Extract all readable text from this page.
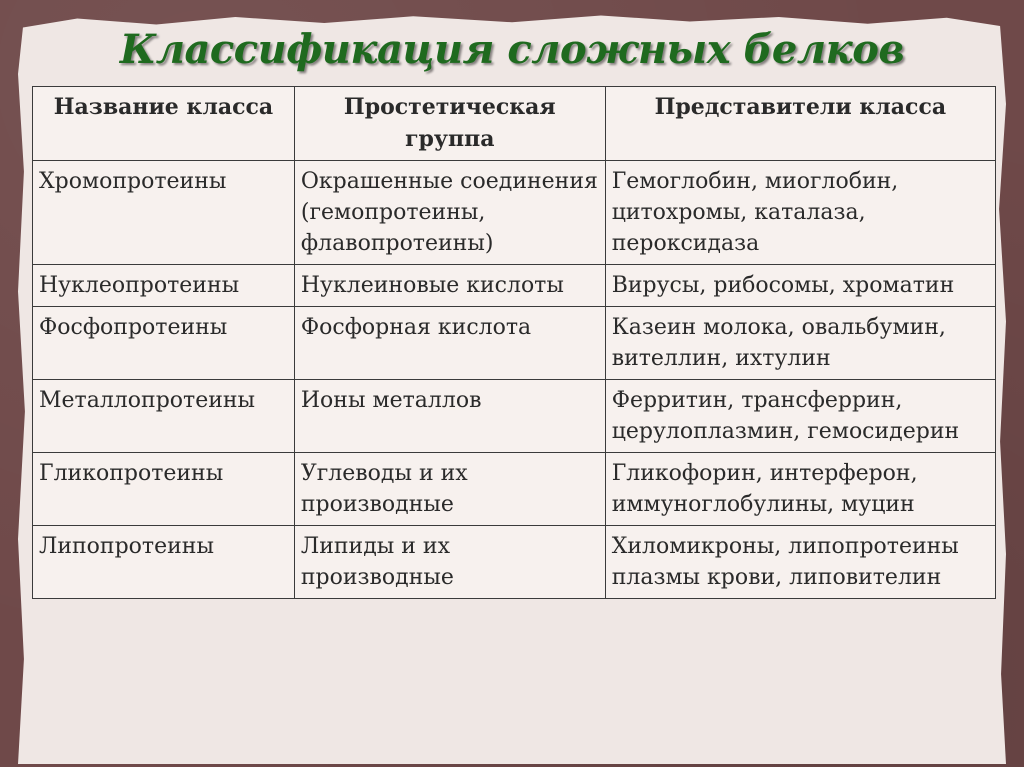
Классификация сложных белков
Название класса	Простетическая группа	Представители класса
Хромопротеины	Окрашенные соединения (гемопротеины, флавопротеины)	Гемоглобин, миоглобин, цитохромы, каталаза, пероксидаза
Нуклеопротеины	Нуклеиновые кислоты	Вирусы, рибосомы, хроматин
Фосфопротеины	Фосфорная кислота	Казеин молока, овальбумин, вителлин, ихтулин
Металлопротеины	Ионы металлов	Ферритин, трансферрин, церулоплазмин, гемосидерин
Гликопротеины	Углеводы и их производные	Гликофорин, интерферон, иммуноглобулины, муцин
Липопротеины	Липиды и их производные	Хиломикроны, липопротеины плазмы крови, липовителин
